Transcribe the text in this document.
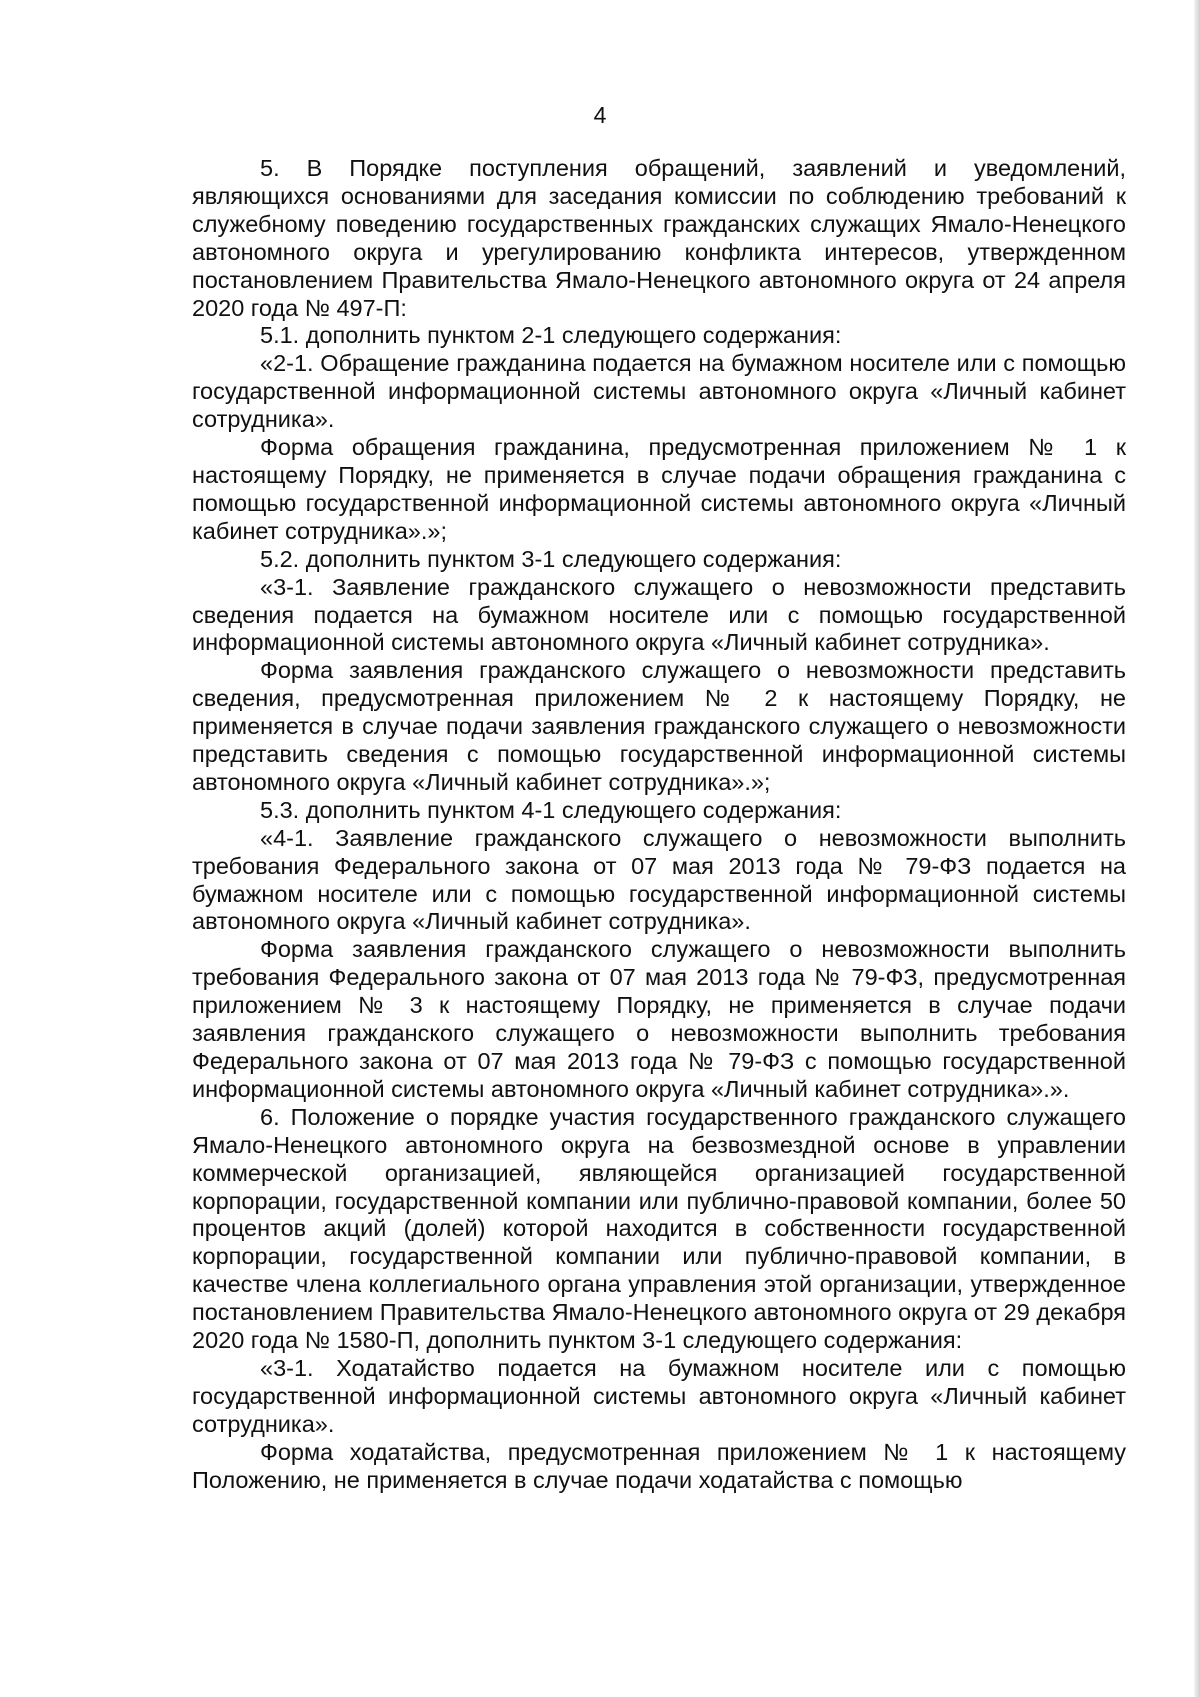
4

5. В Порядке поступления обращений, заявлений и уведомлений, являющихся основаниями для заседания комиссии по соблюдению требований к служебному поведению государственных гражданских служащих Ямало-Ненецкого автономного округа и урегулированию конфликта интересов, утвержденном постановлением Правительства Ямало-Ненецкого автономного округа от 24 апреля 2020 года № 497-П:

5.1. дополнить пунктом 2-1 следующего содержания:

«2-1. Обращение гражданина подается на бумажном носителе или с помощью государственной информационной системы автономного округа «Личный кабинет сотрудника».

Форма обращения гражданина, предусмотренная приложением № 1 к настоящему Порядку, не применяется в случае подачи обращения гражданина с помощью государственной информационной системы автономного округа «Личный кабинет сотрудника».»;

5.2. дополнить пунктом 3-1 следующего содержания:

«3-1. Заявление гражданского служащего о невозможности представить сведения подается на бумажном носителе или с помощью государственной информационной системы автономного округа «Личный кабинет сотрудника».

Форма заявления гражданского служащего о невозможности представить сведения, предусмотренная приложением № 2 к настоящему Порядку, не применяется в случае подачи заявления гражданского служащего о невозможности представить сведения с помощью государственной информационной системы автономного округа «Личный кабинет сотрудника».»;

5.3. дополнить пунктом 4-1 следующего содержания:

«4-1. Заявление гражданского служащего о невозможности выполнить требования Федерального закона от 07 мая 2013 года № 79-ФЗ подается на бумажном носителе или с помощью государственной информационной системы автономного округа «Личный кабинет сотрудника».

Форма заявления гражданского служащего о невозможности выполнить требования Федерального закона от 07 мая 2013 года № 79-ФЗ, предусмотренная приложением № 3 к настоящему Порядку, не применяется в случае подачи заявления гражданского служащего о невозможности выполнить требования Федерального закона от 07 мая 2013 года № 79-ФЗ с помощью государственной информационной системы автономного округа «Личный кабинет сотрудника».».

6. Положение о порядке участия государственного гражданского служащего Ямало-Ненецкого автономного округа на безвозмездной основе в управлении коммерческой организацией, являющейся организацией государственной корпорации, государственной компании или публично-правовой компании, более 50 процентов акций (долей) которой находится в собственности государственной корпорации, государственной компании или публично-правовой компании, в качестве члена коллегиального органа управления этой организации, утвержденное постановлением Правительства Ямало-Ненецкого автономного округа от 29 декабря 2020 года № 1580-П, дополнить пунктом 3-1 следующего содержания:

«3-1. Ходатайство подается на бумажном носителе или с помощью государственной информационной системы автономного округа «Личный кабинет сотрудника».

Форма ходатайства, предусмотренная приложением № 1 к настоящему Положению, не применяется в случае подачи ходатайства с помощью
